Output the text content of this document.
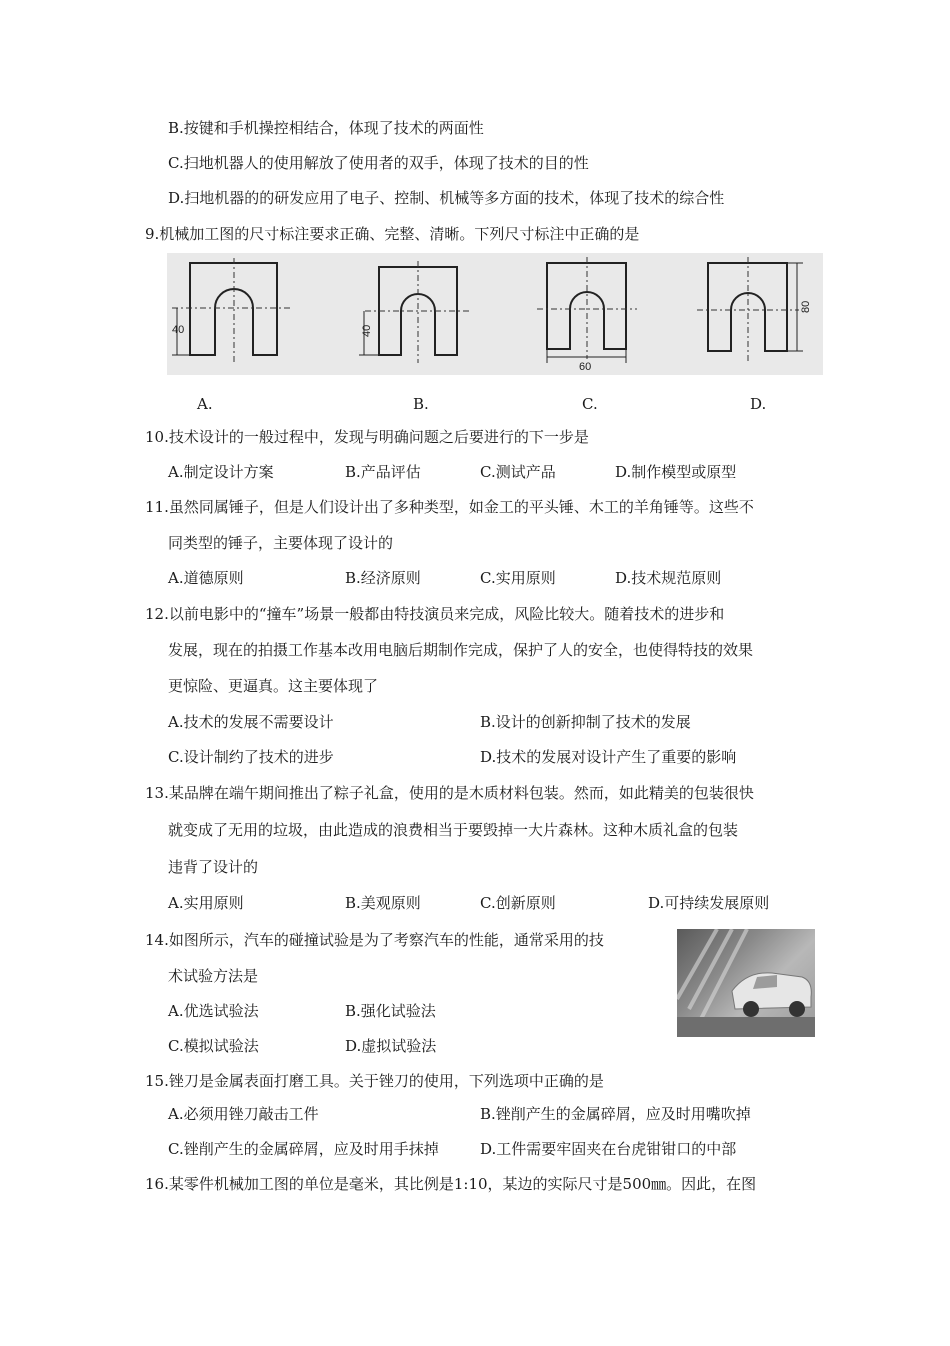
B.按键和手机操控相结合，体现了技术的两面性
C.扫地机器人的使用解放了使用者的双手，体现了技术的目的性
D.扫地机器的的研发应用了电子、控制、机械等多方面的技术，体现了技术的综合性
9.机械加工图的尺寸标注要求正确、完整、清晰。下列尺寸标注中正确的是
40	40
60
80
A.	B.	C.	D.
10.技术设计的一般过程中，发现与明确问题之后要进行的下一步是
A.制定设计方案	B.产品评估	C.测试产品	D.制作模型或原型
11.虽然同属锤子，但是人们设计出了多种类型，如金工的平头锤、木工的羊角锤等。这些不
同类型的锤子，主要体现了设计的
A.道德原则	B.经济原则	C.实用原则	D.技术规范原则
12.以前电影中的“撞车”场景一般都由特技演员来完成，风险比较大。随着技术的进步和
发展，现在的拍摄工作基本改用电脑后期制作完成，保护了人的安全，也使得特技的效果
更惊险、更逼真。这主要体现了
A.技术的发展不需要设计	B.设计的创新抑制了技术的发展
C.设计制约了技术的进步	D.技术的发展对设计产生了重要的影响
13.某品牌在端午期间推出了粽子礼盒，使用的是木质材料包装。然而，如此精美的包装很快
就变成了无用的垃圾，由此造成的浪费相当于要毁掉一大片森林。这种木质礼盒的包装
违背了设计的
A.实用原则	B.美观原则	C.创新原则	D.可持续发展原则
14.如图所示，汽车的碰撞试验是为了考察汽车的性能，通常采用的技
术试验方法是
A.优选试验法	B.强化试验法
C.模拟试验法	D.虚拟试验法
15.锉刀是金属表面打磨工具。关于锉刀的使用，下列选项中正确的是
A.必须用锉刀敲击工件	B.锉削产生的金属碎屑，应及时用嘴吹掉
C.锉削产生的金属碎屑，应及时用手抹掉	D.工件需要牢固夹在台虎钳钳口的中部
16.某零件机械加工图的单位是毫米，其比例是1:10，某边的实际尺寸是500㎜。因此，在图
